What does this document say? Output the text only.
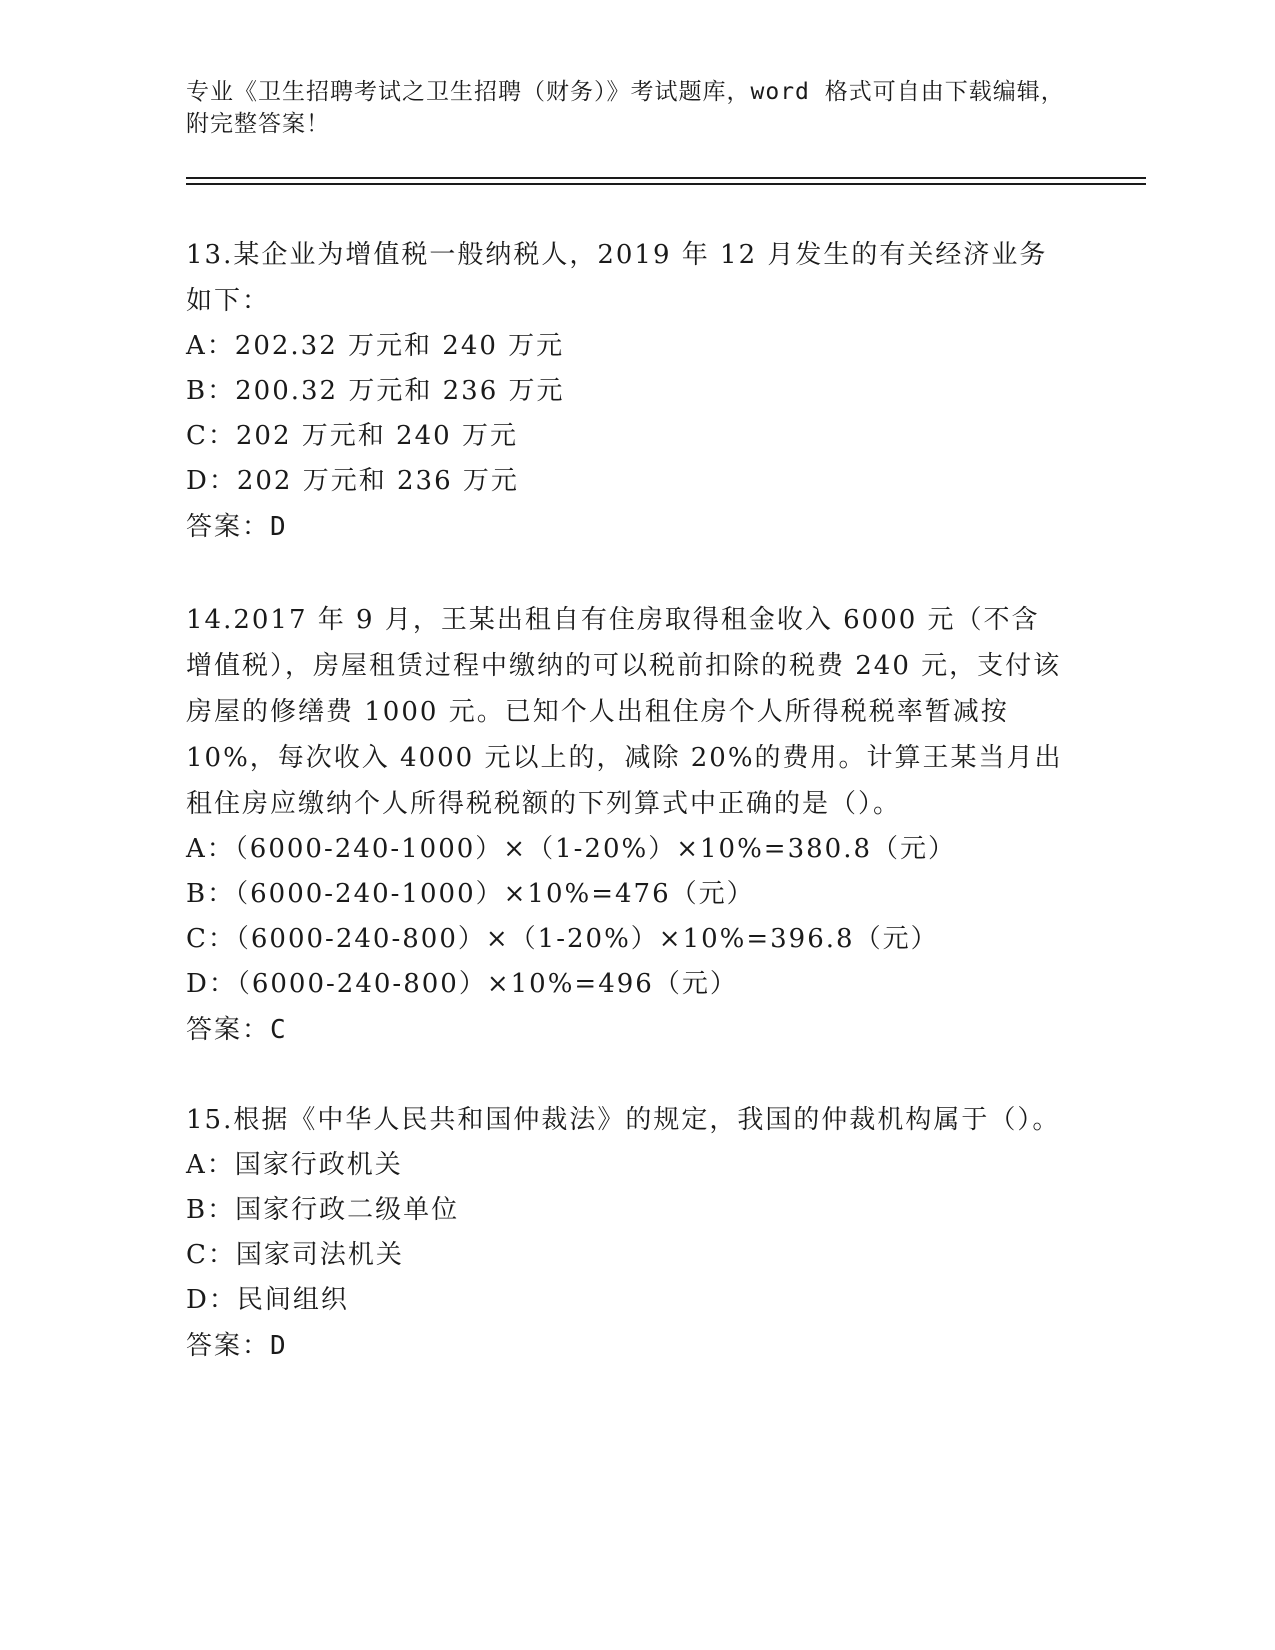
专业《卫生招聘考试之卫生招聘（财务）》考试题库，word 格式可自由下载编辑，附完整答案！
13.某企业为增值税一般纳税人，2019 年 12 月发生的有关经济业务如下：
A：202.32 万元和 240 万元
B：200.32 万元和 236 万元
C：202 万元和 240 万元
D：202 万元和 236 万元
答案：D
14.2017 年 9 月，王某出租自有住房取得租金收入 6000 元（不含增值税），房屋租赁过程中缴纳的可以税前扣除的税费 240 元，支付该房屋的修缮费 1000 元。已知个人出租住房个人所得税税率暂减按 10%，每次收入 4000 元以上的，减除 20%的费用。计算王某当月出租住房应缴纳个人所得税税额的下列算式中正确的是（）。
A：（6000-240-1000）×（1-20%）×10%=380.8（元）
B：（6000-240-1000）×10%=476（元）
C：（6000-240-800）×（1-20%）×10%=396.8（元）
D：（6000-240-800）×10%=496（元）
答案：C
15.根据《中华人民共和国仲裁法》的规定，我国的仲裁机构属于（）。
A：国家行政机关
B：国家行政二级单位
C：国家司法机关
D：民间组织
答案：D
